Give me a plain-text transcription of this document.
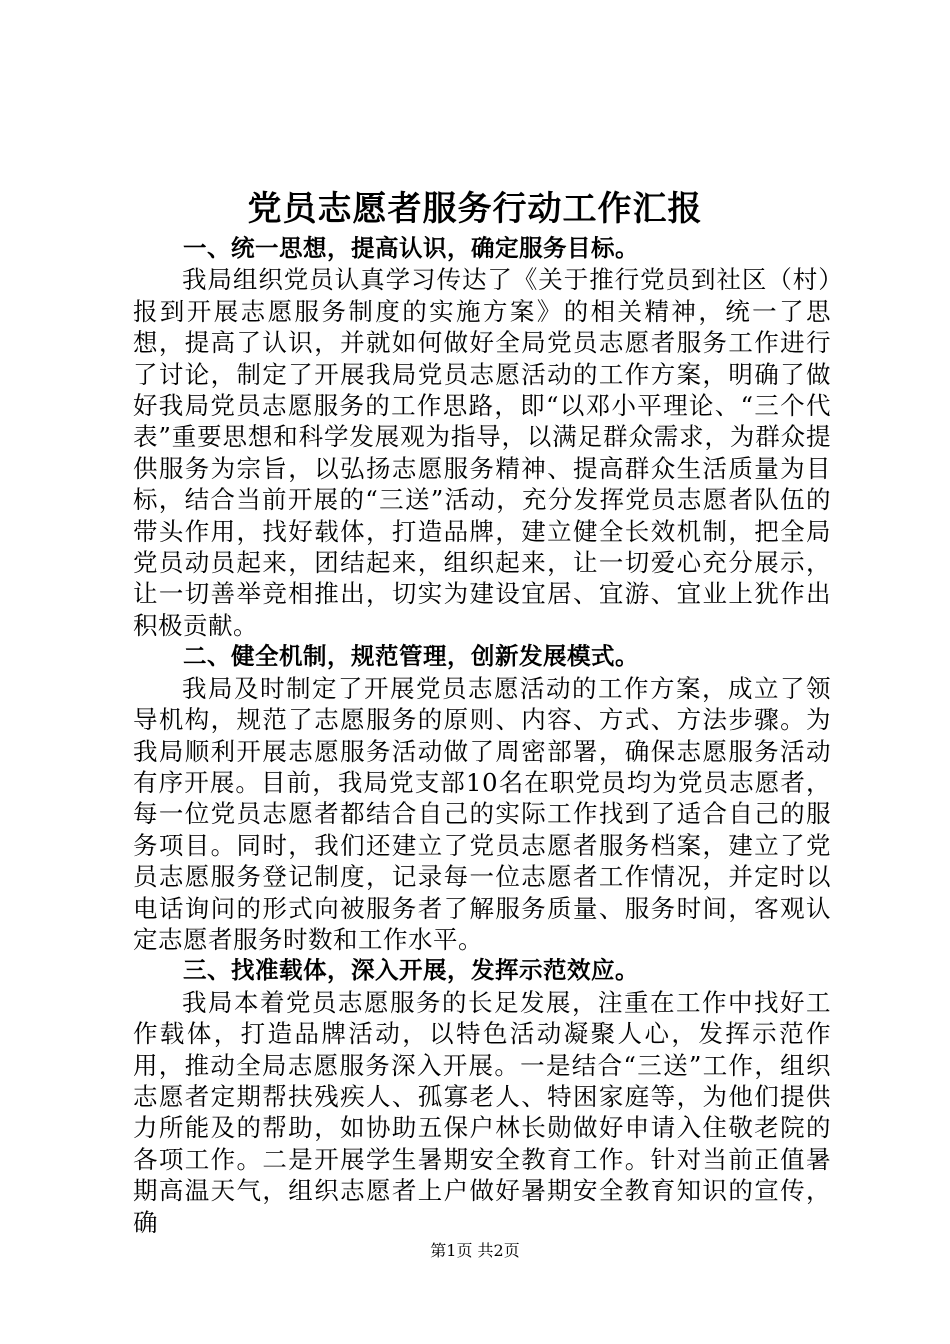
党员志愿者服务行动工作汇报

一、统一思想，提高认识，确定服务目标。

我局组织党员认真学习传达了《关于推行党员到社区（村）报到开展志愿服务制度的实施方案》的相关精神，统一了思想，提高了认识，并就如何做好全局党员志愿者服务工作进行了讨论，制定了开展我局党员志愿活动的工作方案，明确了做好我局党员志愿服务的工作思路，即“以邓小平理论、“三个代表”重要思想和科学发展观为指导，以满足群众需求，为群众提供服务为宗旨，以弘扬志愿服务精神、提高群众生活质量为目标，结合当前开展的“三送”活动，充分发挥党员志愿者队伍的带头作用，找好载体，打造品牌，建立健全长效机制，把全局党员动员起来，团结起来，组织起来，让一切爱心充分展示，让一切善举竞相推出，切实为建设宜居、宜游、宜业上犹作出积极贡献。

二、健全机制，规范管理，创新发展模式。

我局及时制定了开展党员志愿活动的工作方案，成立了领导机构，规范了志愿服务的原则、内容、方式、方法步骤。为我局顺利开展志愿服务活动做了周密部署，确保志愿服务活动有序开展。目前，我局党支部10名在职党员均为党员志愿者，每一位党员志愿者都结合自己的实际工作找到了适合自己的服务项目。同时，我们还建立了党员志愿者服务档案，建立了党员志愿服务登记制度，记录每一位志愿者工作情况，并定时以电话询问的形式向被服务者了解服务质量、服务时间，客观认定志愿者服务时数和工作水平。

三、找准载体，深入开展，发挥示范效应。

我局本着党员志愿服务的长足发展，注重在工作中找好工作载体，打造品牌活动，以特色活动凝聚人心，发挥示范作用，推动全局志愿服务深入开展。一是结合“三送”工作，组织志愿者定期帮扶残疾人、孤寡老人、特困家庭等，为他们提供力所能及的帮助，如协助五保户林长勋做好申请入住敬老院的各项工作。二是开展学生暑期安全教育工作。针对当前正值暑期高温天气，组织志愿者上户做好暑期安全教育知识的宣传，确

第1页 共2页
